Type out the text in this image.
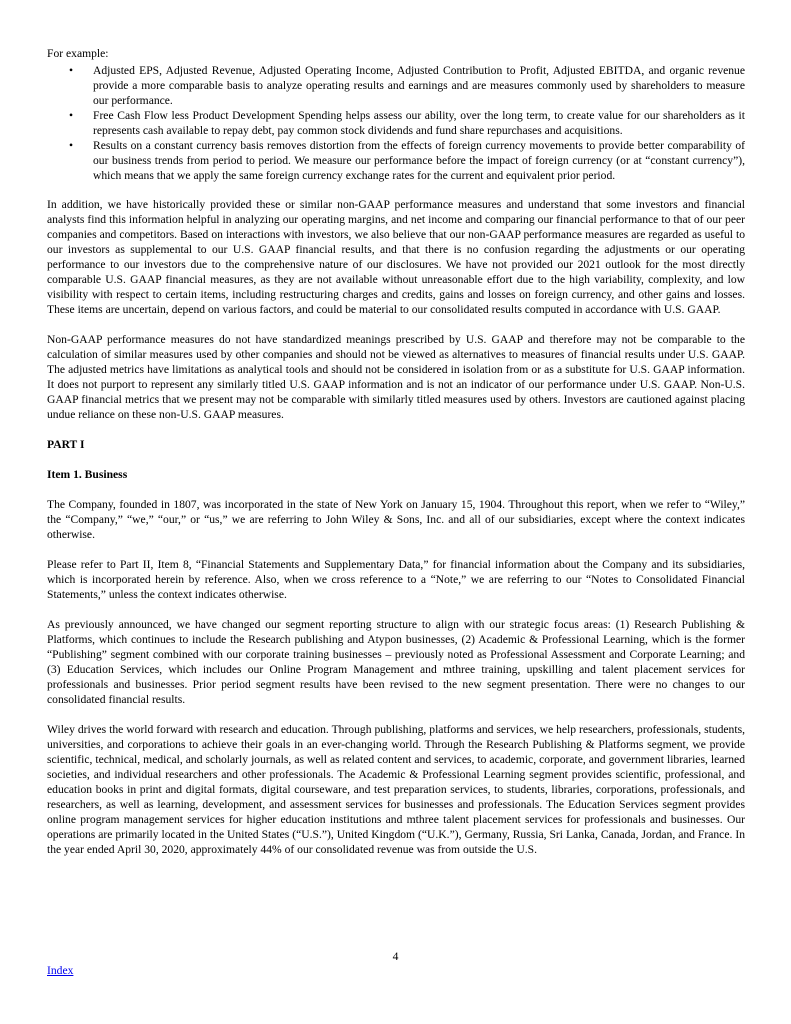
For example:

• Adjusted EPS, Adjusted Revenue, Adjusted Operating Income, Adjusted Contribution to Profit, Adjusted EBITDA, and organic revenue provide a more comparable basis to analyze operating results and earnings and are measures commonly used by shareholders to measure our performance.
• Free Cash Flow less Product Development Spending helps assess our ability, over the long term, to create value for our shareholders as it represents cash available to repay debt, pay common stock dividends and fund share repurchases and acquisitions.
• Results on a constant currency basis removes distortion from the effects of foreign currency movements to provide better comparability of our business trends from period to period. We measure our performance before the impact of foreign currency (or at “constant currency”), which means that we apply the same foreign currency exchange rates for the current and equivalent prior period.

In addition, we have historically provided these or similar non-GAAP performance measures and understand that some investors and financial analysts find this information helpful in analyzing our operating margins, and net income and comparing our financial performance to that of our peer companies and competitors. Based on interactions with investors, we also believe that our non-GAAP performance measures are regarded as useful to our investors as supplemental to our U.S. GAAP financial results, and that there is no confusion regarding the adjustments or our operating performance to our investors due to the comprehensive nature of our disclosures. We have not provided our 2021 outlook for the most directly comparable U.S. GAAP financial measures, as they are not available without unreasonable effort due to the high variability, complexity, and low visibility with respect to certain items, including restructuring charges and credits, gains and losses on foreign currency, and other gains and losses. These items are uncertain, depend on various factors, and could be material to our consolidated results computed in accordance with U.S. GAAP.

Non-GAAP performance measures do not have standardized meanings prescribed by U.S. GAAP and therefore may not be comparable to the calculation of similar measures used by other companies and should not be viewed as alternatives to measures of financial results under U.S. GAAP. The adjusted metrics have limitations as analytical tools and should not be considered in isolation from or as a substitute for U.S. GAAP information. It does not purport to represent any similarly titled U.S. GAAP information and is not an indicator of our performance under U.S. GAAP. Non-U.S. GAAP financial metrics that we present may not be comparable with similarly titled measures used by others. Investors are cautioned against placing undue reliance on these non-U.S. GAAP measures.

PART I
Item 1. Business

The Company, founded in 1807, was incorporated in the state of New York on January 15, 1904. Throughout this report, when we refer to “Wiley,” the “Company,” “we,” “our,” or “us,” we are referring to John Wiley & Sons, Inc. and all of our subsidiaries, except where the context indicates otherwise.

Please refer to Part II, Item 8, “Financial Statements and Supplementary Data,” for financial information about the Company and its subsidiaries, which is incorporated herein by reference. Also, when we cross reference to a “Note,” we are referring to our “Notes to Consolidated Financial Statements,” unless the context indicates otherwise.

As previously announced, we have changed our segment reporting structure to align with our strategic focus areas: (1) Research Publishing & Platforms, which continues to include the Research publishing and Atypon businesses, (2) Academic & Professional Learning, which is the former “Publishing” segment combined with our corporate training businesses – previously noted as Professional Assessment and Corporate Learning; and (3) Education Services, which includes our Online Program Management and mthree training, upskilling and talent placement services for professionals and businesses. Prior period segment results have been revised to the new segment presentation. There were no changes to our consolidated financial results.

Wiley drives the world forward with research and education. Through publishing, platforms and services, we help researchers, professionals, students, universities, and corporations to achieve their goals in an ever-changing world. Through the Research Publishing & Platforms segment, we provide scientific, technical, medical, and scholarly journals, as well as related content and services, to academic, corporate, and government libraries, learned societies, and individual researchers and other professionals. The Academic & Professional Learning segment provides scientific, professional, and education books in print and digital formats, digital courseware, and test preparation services, to students, libraries, corporations, professionals, and researchers, as well as learning, development, and assessment services for businesses and professionals. The Education Services segment provides online program management services for higher education institutions and mthree talent placement services for professionals and businesses. Our operations are primarily located in the United States (“U.S.”), United Kingdom (“U.K.”), Germany, Russia, Sri Lanka, Canada, Jordan, and France. In the year ended April 30, 2020, approximately 44% of our consolidated revenue was from outside the U.S.

4
Index
